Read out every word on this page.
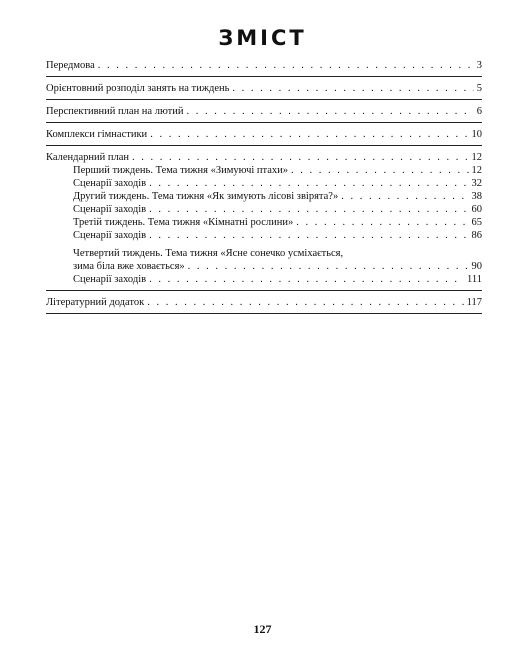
ЗМІСТ
Передмова . . .	3
Орієнтовний розподіл занять на тиждень . . .	5
Перспективний план на лютий . . .	6
Комплекси гімнастики . . .	10
Календарний план . . .	12
Перший тиждень. Тема тижня «Зимуючі птахи» . . .	12
Сценарії заходів . . .	32
Другий тиждень. Тема тижня «Як зимують лісові звірята?» . . .	38
Сценарії заходів . . .	60
Третій тиждень. Тема тижня «Кімнатні рослини» . . .	65
Сценарії заходів . . .	86
Четвертий тиждень. Тема тижня «Ясне сонечко усміхається,
зима біла вже ховається» . . .	90
Сценарії заходів . . .	111
Літературний додаток . . .	117
127
